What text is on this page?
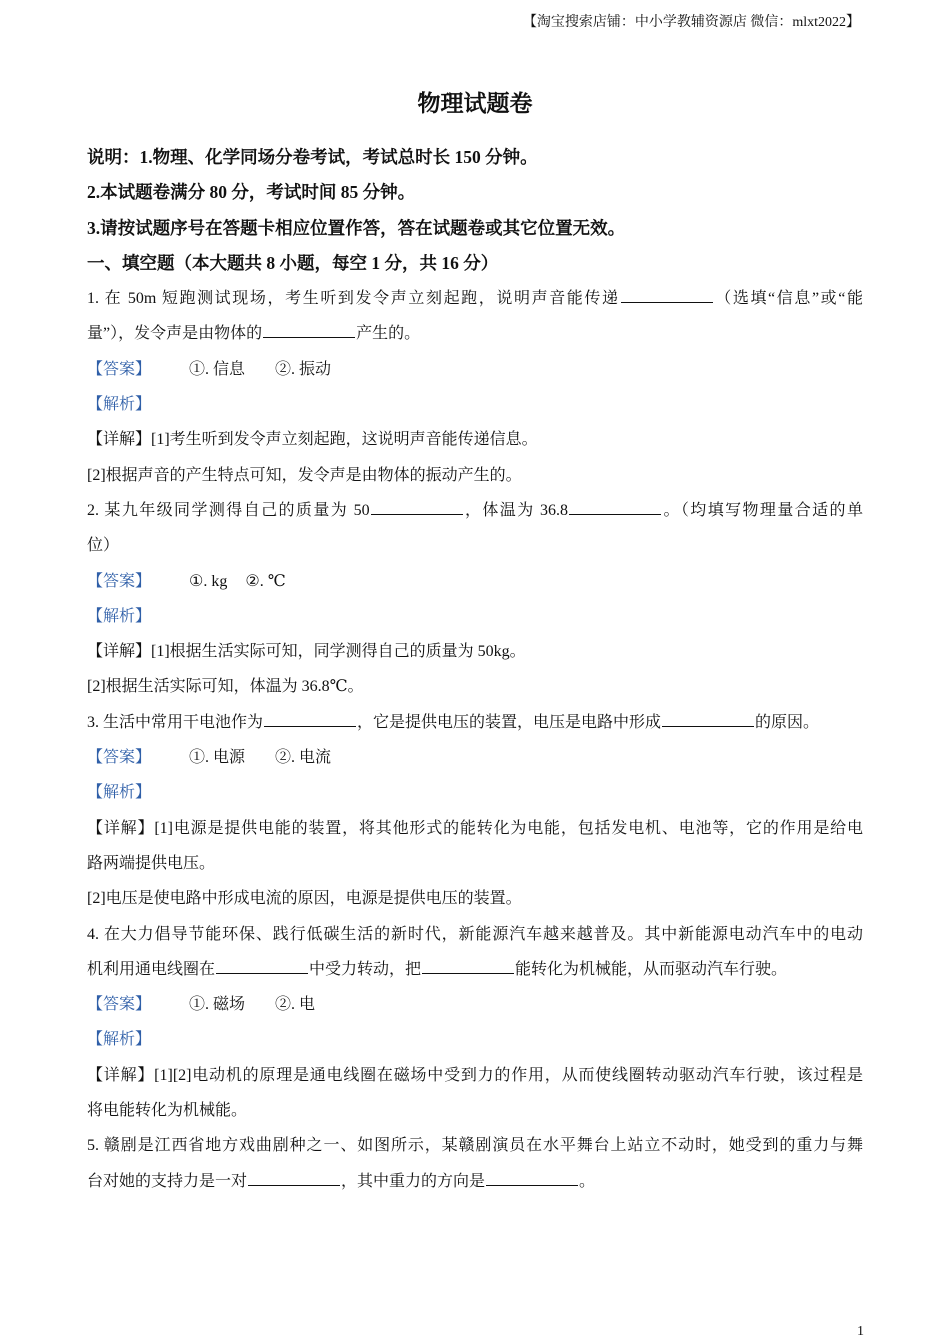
【淘宝搜索店铺：中小学教辅资源店 微信：mlxt2022】
物理试题卷
说明：1.物理、化学同场分卷考试，考试总时长 150 分钟。
2.本试题卷满分 80 分，考试时间 85 分钟。
3.请按试题序号在答题卡相应位置作答，答在试题卷或其它位置无效。
一、填空题（本大题共 8 小题，每空 1 分，共 16 分）
1. 在 50m 短跑测试现场，考生听到发令声立刻起跑，说明声音能传递	（选填“信息”或“能
量”），发令声是由物体的	产生的。
【答案】 ①. 信息 ②. 振动
【解析】
【详解】[1]考生听到发令声立刻起跑，这说明声音能传递信息。
[2]根据声音的产生特点可知，发令声是由物体的振动产生的。
2. 某九年级同学测得自己的质量为 50	，体温为 36.8	。（均填写物理量合适的单
位）
【答案】 ①. kg ②. ℃
【解析】
【详解】[1]根据生活实际可知，同学测得自己的质量为 50kg。
[2]根据生活实际可知，体温为 36.8℃。
3. 生活中常用干电池作为	，它是提供电压的装置，电压是电路中形成	的原因。
【答案】 ①. 电源 ②. 电流
【解析】
【详解】[1]电源是提供电能的装置，将其他形式的能转化为电能，包括发电机、电池等，它的作用是给电
路两端提供电压。
[2]电压是使电路中形成电流的原因，电源是提供电压的装置。
4. 在大力倡导节能环保、践行低碳生活的新时代，新能源汽车越来越普及。其中新能源电动汽车中的电动
机利用通电线圈在	中受力转动，把	能转化为机械能，从而驱动汽车行驶。
【答案】 ①. 磁场 ②. 电
【解析】
【详解】[1][2]电动机的原理是通电线圈在磁场中受到力的作用，从而使线圈转动驱动汽车行驶，该过程是
将电能转化为机械能。
5. 赣剧是江西省地方戏曲剧种之一、如图所示，某赣剧演员在水平舞台上站立不动时，她受到的重力与舞
台对她的支持力是一对	，其中重力的方向是	。
1
